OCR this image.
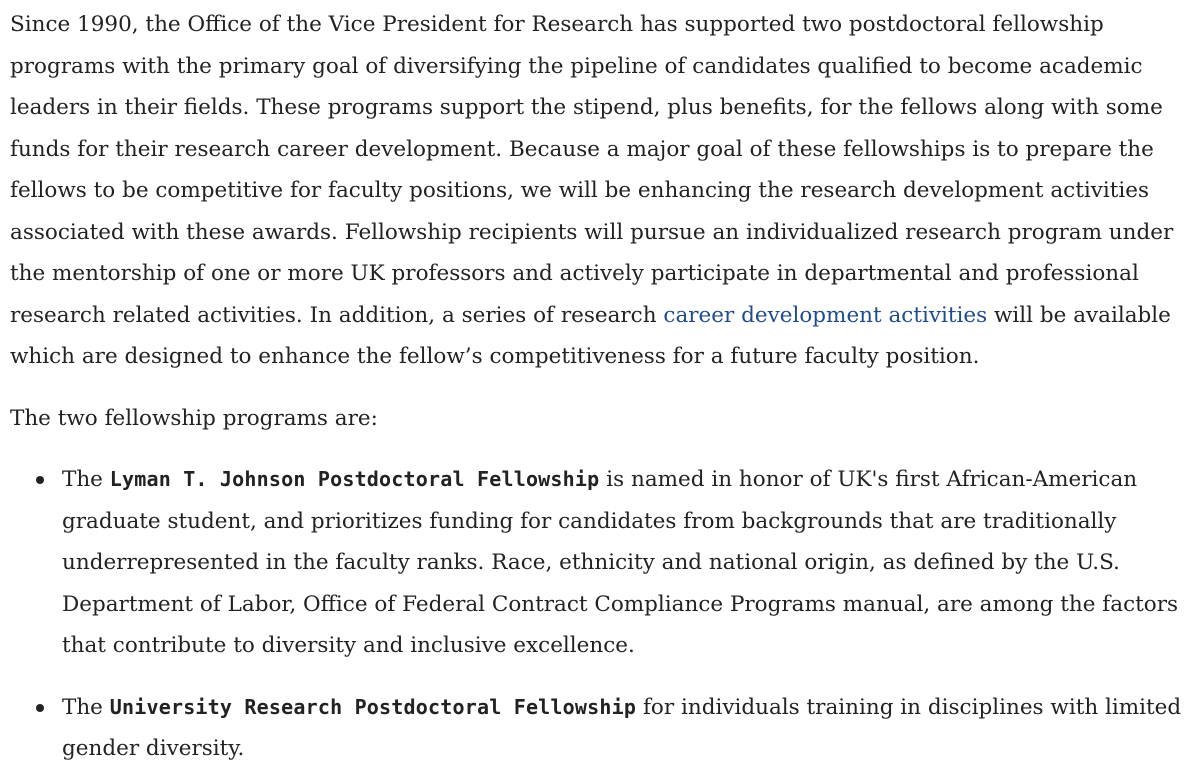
Since 1990, the Office of the Vice President for Research has supported two postdoctoral fellowship programs with the primary goal of diversifying the pipeline of candidates qualified to become academic leaders in their fields. These programs support the stipend, plus benefits, for the fellows along with some funds for their research career development. Because a major goal of these fellowships is to prepare the fellows to be competitive for faculty positions, we will be enhancing the research development activities associated with these awards. Fellowship recipients will pursue an individualized research program under the mentorship of one or more UK professors and actively participate in departmental and professional research related activities. In addition, a series of research career development activities will be available which are designed to enhance the fellow’s competitiveness for a future faculty position.

The two fellowship programs are:

The Lyman T. Johnson Postdoctoral Fellowship is named in honor of UK's first African-American graduate student, and prioritizes funding for candidates from backgrounds that are traditionally underrepresented in the faculty ranks. Race, ethnicity and national origin, as defined by the U.S. Department of Labor, Office of Federal Contract Compliance Programs manual, are among the factors that contribute to diversity and inclusive excellence.
The University Research Postdoctoral Fellowship for individuals training in disciplines with limited gender diversity.
